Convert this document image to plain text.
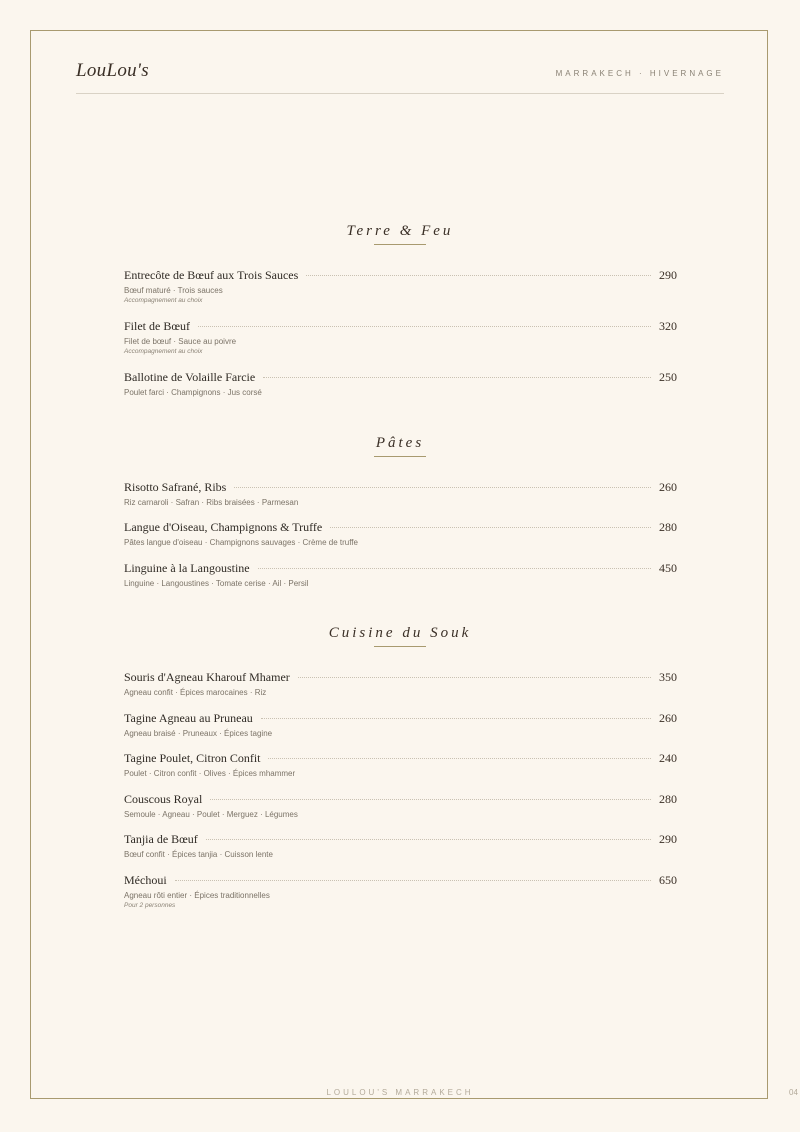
LouLou's	MARRAKECH · HIVERNAGE
Terre & Feu
Entrecôte de Bœuf aux Trois Sauces	290
Bœuf maturé · Trois sauces
Accompagnement au choix
Filet de Bœuf	320
Filet de bœuf · Sauce au poivre
Accompagnement au choix
Ballotine de Volaille Farcie	250
Poulet farci · Champignons · Jus corsé
Pâtes
Risotto Safrané, Ribs	260
Riz carnaroli · Safran · Ribs braisées · Parmesan
Langue d'Oiseau, Champignons & Truffe	280
Pâtes langue d'oiseau · Champignons sauvages · Crème de truffe
Linguine à la Langoustine	450
Linguine · Langoustines · Tomate cerise · Ail · Persil
Cuisine du Souk
Souris d'Agneau Kharouf Mhamer	350
Agneau confit · Épices marocaines · Riz
Tagine Agneau au Pruneau	260
Agneau braisé · Pruneaux · Épices tagine
Tagine Poulet, Citron Confit	240
Poulet · Citron confit · Olives · Épices mhammer
Couscous Royal	280
Semoule · Agneau · Poulet · Merguez · Légumes
Tanjia de Bœuf	290
Bœuf confit · Épices tanjia · Cuisson lente
Méchoui	650
Agneau rôti entier · Épices traditionnelles
Pour 2 personnes
LOULOU'S MARRAKECH	04
